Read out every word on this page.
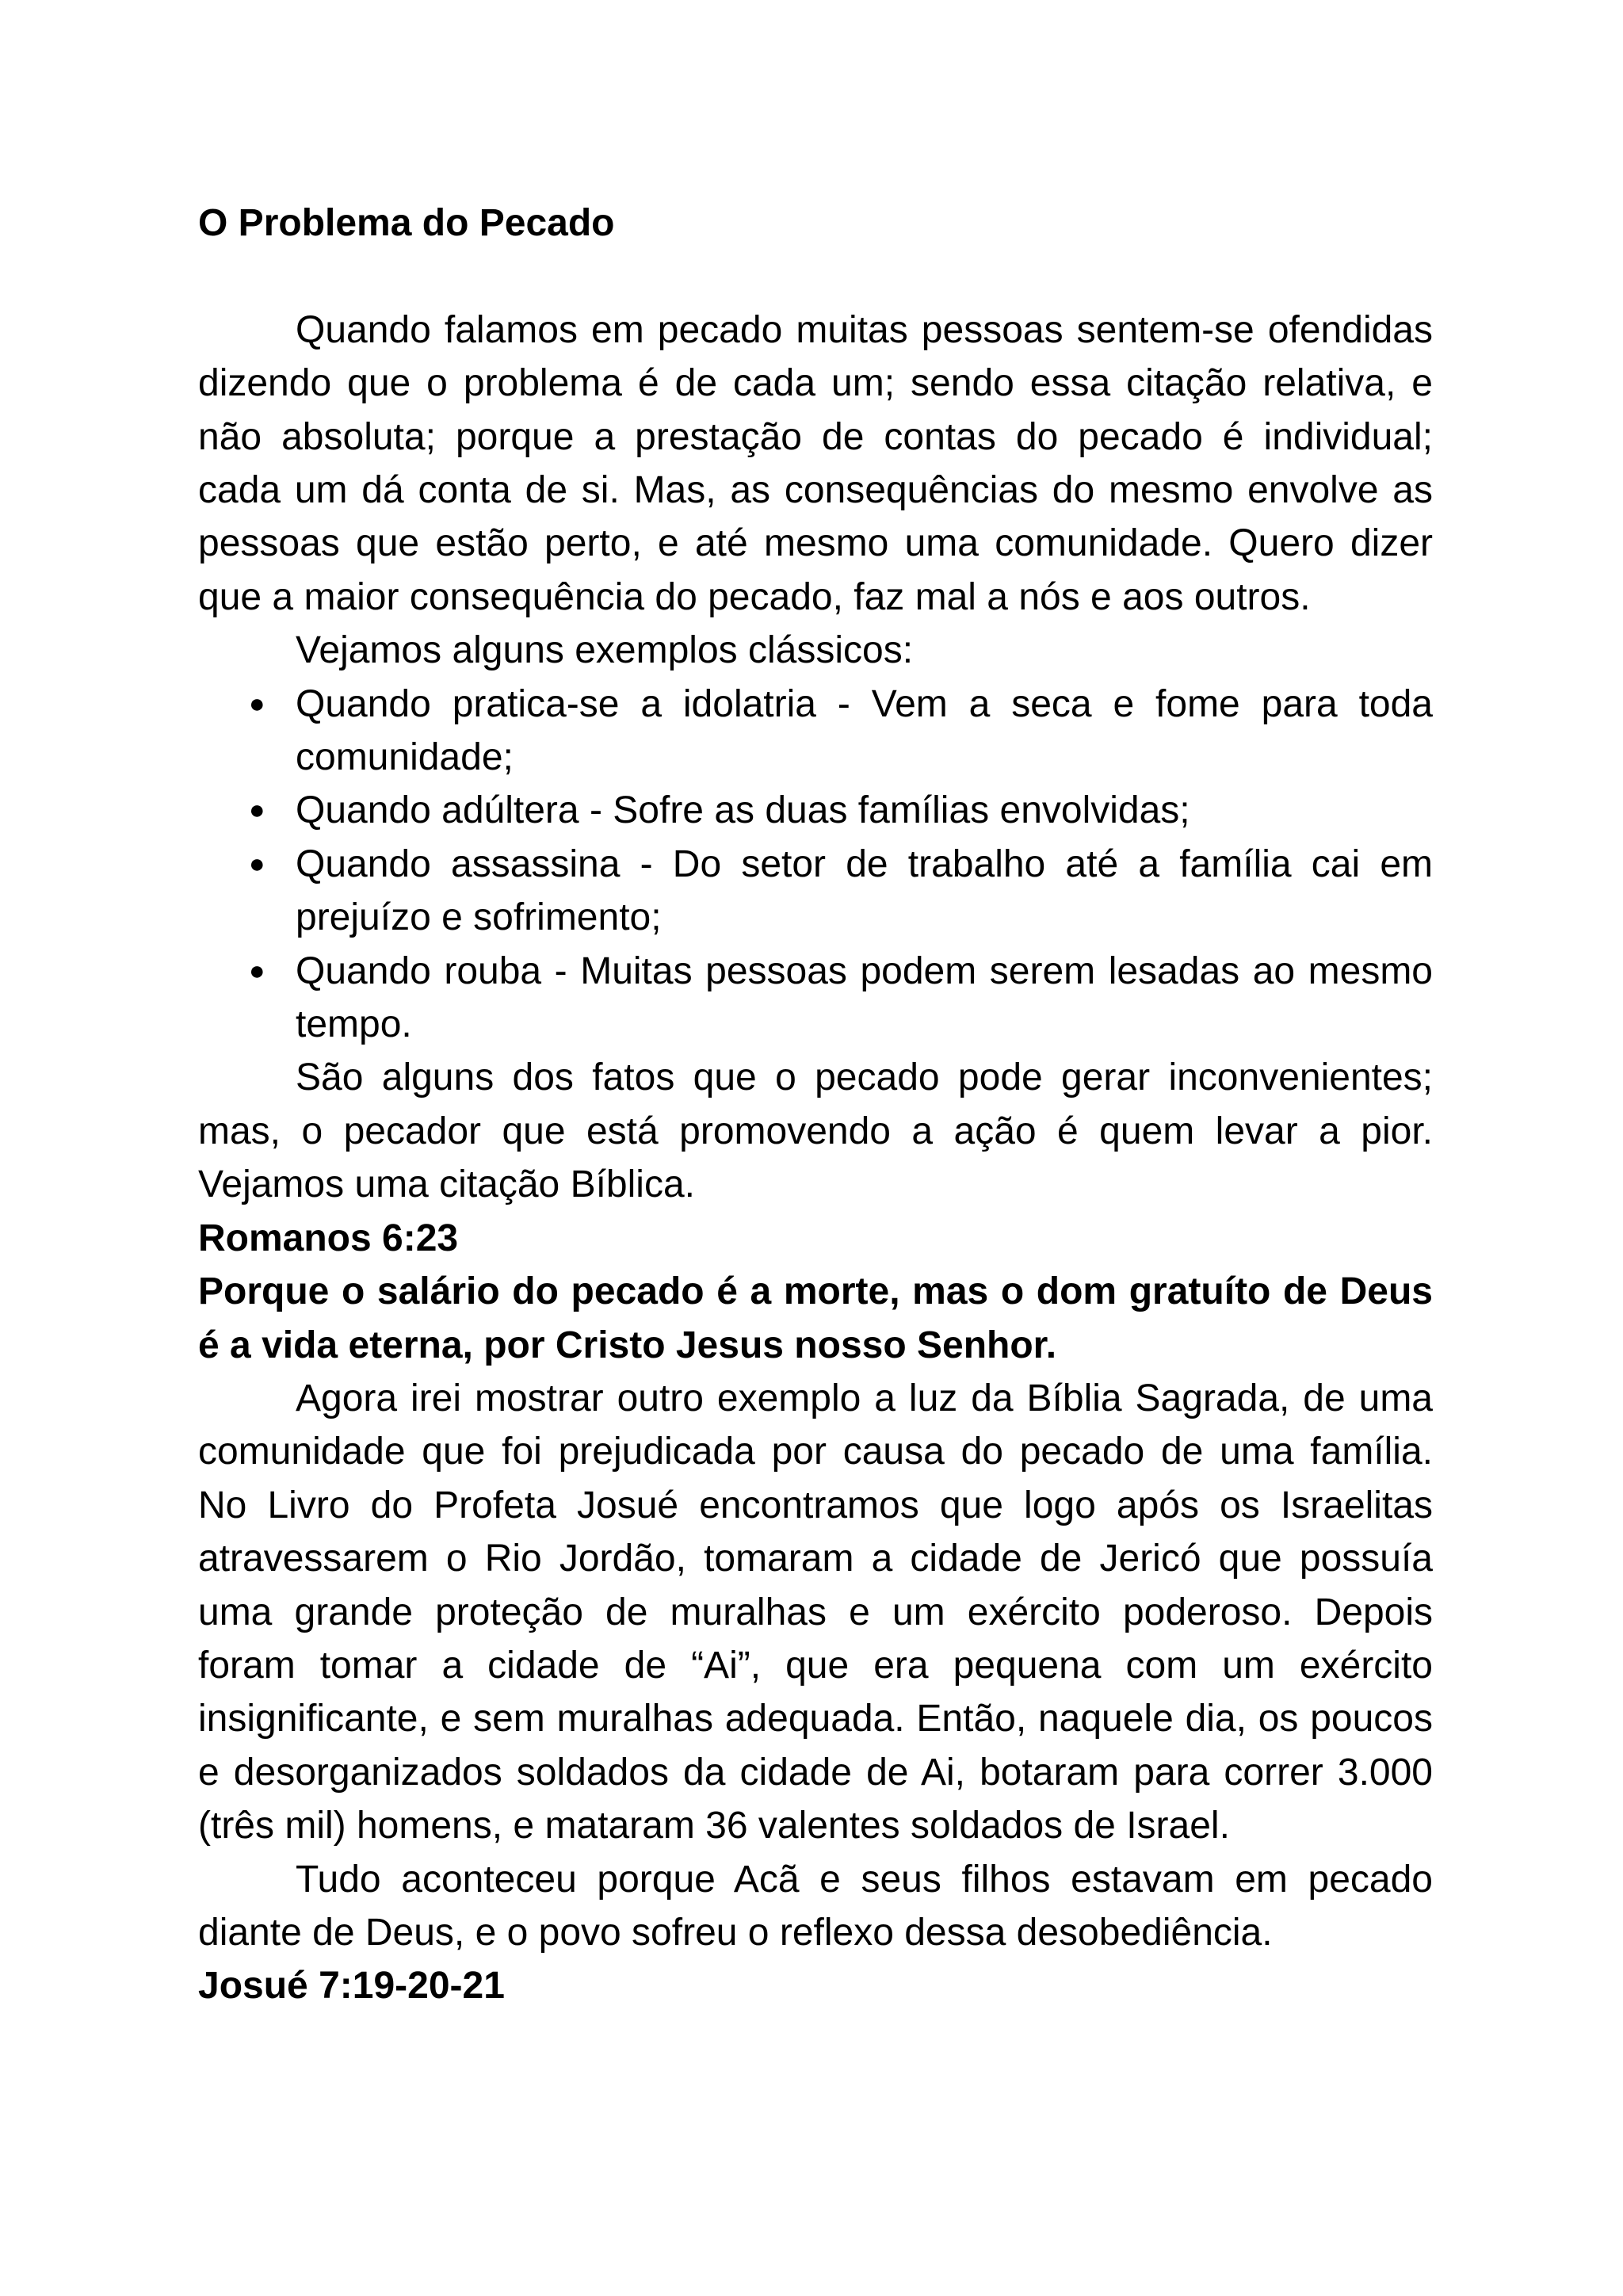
O Problema do Pecado

Quando falamos em pecado muitas pessoas sentem-se ofendidas dizendo que o problema é de cada um; sendo essa citação relativa, e não absoluta; porque a prestação de contas do pecado é individual; cada um dá conta de si. Mas, as consequências do mesmo envolve as pessoas que estão perto, e até mesmo uma comunidade. Quero dizer que a maior consequência do pecado, faz mal a nós e aos outros.

Vejamos alguns exemplos clássicos:

● Quando pratica-se a idolatria - Vem a seca e fome para toda comunidade;
● Quando adúltera - Sofre as duas famílias envolvidas;
● Quando assassina - Do setor de trabalho até a família cai em prejuízo e sofrimento;
● Quando rouba - Muitas pessoas podem serem lesadas ao mesmo tempo.

São alguns dos fatos que o pecado pode gerar inconvenientes; mas, o pecador que está promovendo a ação é quem levar a pior. Vejamos uma citação Bíblica.

Romanos 6:23

Porque o salário do pecado é a morte, mas o dom gratuíto de Deus é a vida eterna, por Cristo Jesus nosso Senhor.

Agora irei mostrar outro exemplo a luz da Bíblia Sagrada, de uma comunidade que foi prejudicada por causa do pecado de uma família. No Livro do Profeta Josué encontramos que logo após os Israelitas atravessarem o Rio Jordão, tomaram a cidade de Jericó que possuía uma grande proteção de muralhas e um exército poderoso. Depois foram tomar a cidade de “Ai”, que era pequena com um exército insignificante, e sem muralhas adequada. Então, naquele dia, os poucos e desorganizados soldados da cidade de Ai, botaram para correr 3.000 (três mil) homens, e mataram 36 valentes soldados de Israel.

Tudo aconteceu porque Acã e seus filhos estavam em pecado diante de Deus, e o povo sofreu o reflexo dessa desobediência.

Josué 7:19-20-21
